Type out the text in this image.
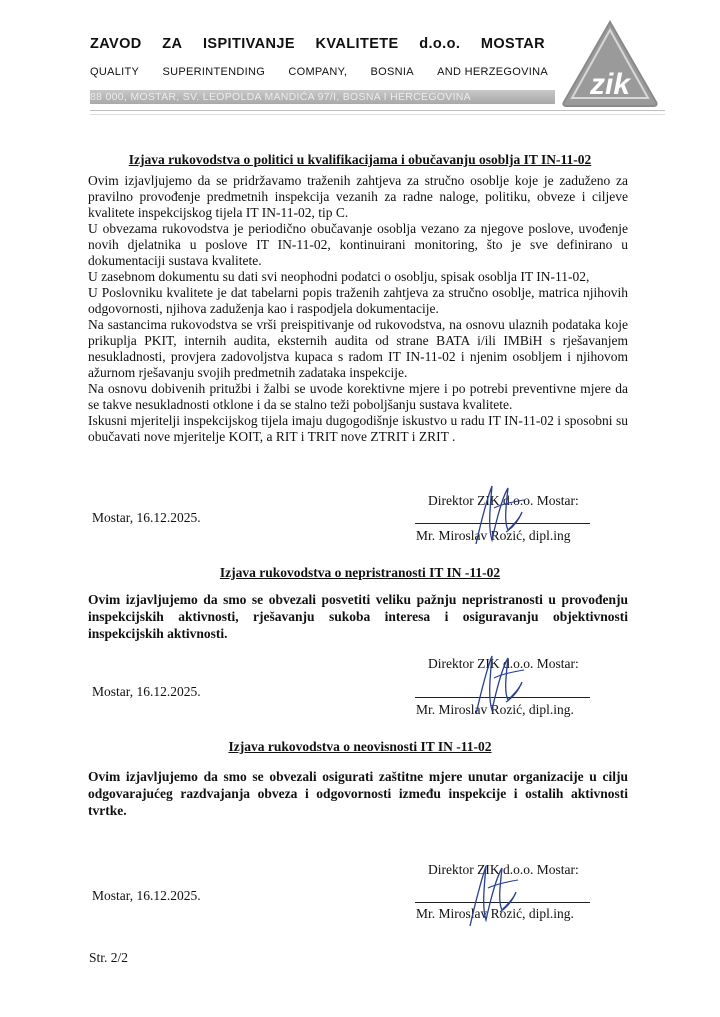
ZAVOD ZA ISPITIVANJE KVALITETE d.o.o. MOSTAR
QUALITY SUPERINTENDING COMPANY, BOSNIA AND HERZEGOVINA
88 000, MOSTAR, SV. LEOPOLDA MANDIĆA 97/I, BOSNA I HERCEGOVINA	zik
Izjava rukovodstva o politici u kvalifikacijama i obučavanju osoblja IT IN-11-02

Ovim izjavljujemo da se pridržavamo traženih zahtjeva za stručno osoblje koje je zaduženo za pravilno provođenje predmetnih inspekcija vezanih za radne naloge, politiku, obveze i ciljeve kvalitete inspekcijskog tijela IT IN-11-02, tip C.

U obvezama rukovodstva je periodično obučavanje osoblja vezano za njegove poslove, uvođenje novih djelatnika u poslove IT IN-11-02, kontinuirani monitoring, što je sve definirano u dokumentaciji sustava kvalitete.

U zasebnom dokumentu su dati svi neophodni podatci o osoblju, spisak osoblja IT IN-11-02,

U Poslovniku kvalitete je dat tabelarni popis traženih zahtjeva za stručno osoblje, matrica njihovih odgovornosti, njihova zaduženja kao i raspodjela dokumentacije.

Na sastancima rukovodstva se vrši preispitivanje od rukovodstva, na osnovu ulaznih podataka koje prikuplja PKIT, internih audita, eksternih audita od strane BATA i/ili IMBiH s rješavanjem nesukladnosti, provjera zadovoljstva kupaca s radom IT IN-11-02 i njenim osobljem i njihovom ažurnom rješavanju svojih predmetnih zadataka inspekcije.

Na osnovu dobivenih pritužbi i žalbi se uvode korektivne mjere i po potrebi preventivne mjere da se takve nesukladnosti otklone i da se stalno teži poboljšanju sustava kvalitete.

Iskusni mjeritelji inspekcijskog tijela imaju dugogodišnje iskustvo u radu IT IN-11-02 i sposobni su obučavati nove mjeritelje KOIT, a RIT i TRIT nove ZTRIT i ZRIT .

Direktor ZIK d.o.o. Mostar:
Mostar, 16.12.2025.
Mr. Miroslav Rozić, dipl.ing
Izjava rukovodstva o nepristranosti IT IN -11-02
Ovim izjavljujemo da smo se obvezali posvetiti veliku pažnju nepristranosti u provođenju inspekcijskih aktivnosti, rješavanju sukoba interesa i osiguravanju objektivnosti inspekcijskih aktivnosti.
Direktor ZIK d.o.o. Mostar:
Mostar, 16.12.2025.
Mr. Miroslav Rozić, dipl.ing.
Izjava rukovodstva o neovisnosti IT IN -11-02
Ovim izjavljujemo da smo se obvezali osigurati zaštitne mjere unutar organizacije u cilju odgovarajućeg razdvajanja obveza i odgovornosti između inspekcije i ostalih aktivnosti tvrtke.
Direktor ZIK d.o.o. Mostar:
Mostar, 16.12.2025.
Mr. Miroslav Rozić, dipl.ing.
Str. 2/2
